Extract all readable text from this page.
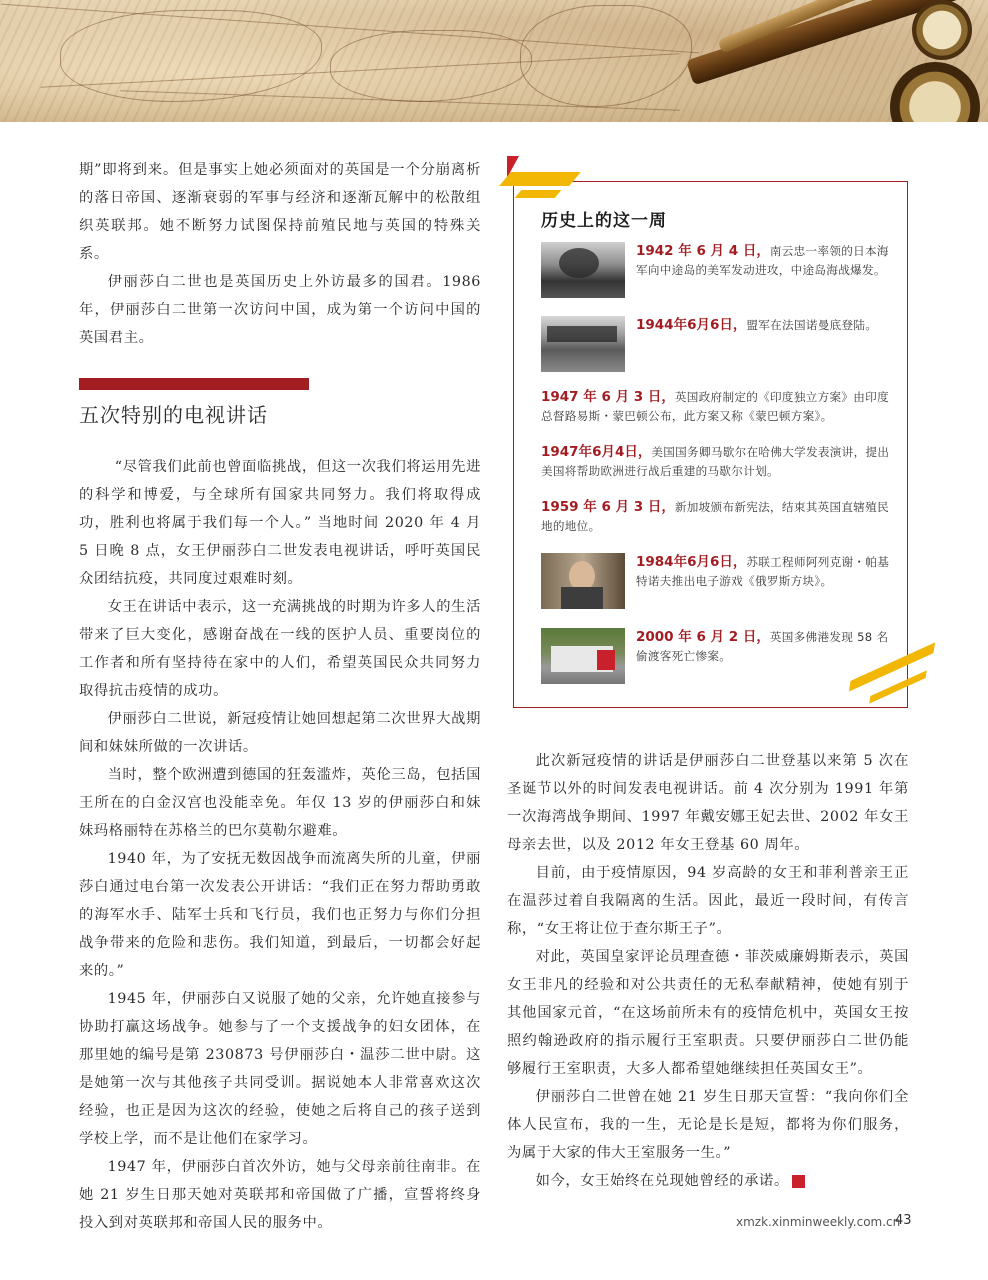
期”即将到来。但是事实上她必须面对的英国是一个分崩离析的落日帝国、逐渐衰弱的军事与经济和逐渐瓦解中的松散组织英联邦。她不断努力试图保持前殖民地与英国的特殊关系。

伊丽莎白二世也是英国历史上外访最多的国君。1986 年，伊丽莎白二世第一次访问中国，成为第一个访问中国的英国君主。

五次特别的电视讲话

“尽管我们此前也曾面临挑战，但这一次我们将运用先进的科学和博爱，与全球所有国家共同努力。我们将取得成功，胜利也将属于我们每一个人。” 当地时间 2020 年 4 月 5 日晚 8 点，女王伊丽莎白二世发表电视讲话，呼吁英国民众团结抗疫，共同度过艰难时刻。

女王在讲话中表示，这一充满挑战的时期为许多人的生活带来了巨大变化，感谢奋战在一线的医护人员、重要岗位的工作者和所有坚持待在家中的人们，希望英国民众共同努力取得抗击疫情的成功。

伊丽莎白二世说，新冠疫情让她回想起第二次世界大战期间和妹妹所做的一次讲话。

当时，整个欧洲遭到德国的狂轰滥炸，英伦三岛，包括国王所在的白金汉宫也没能幸免。年仅 13 岁的伊丽莎白和妹妹玛格丽特在苏格兰的巴尔莫勒尔避难。

1940 年，为了安抚无数因战争而流离失所的儿童，伊丽莎白通过电台第一次发表公开讲话：“我们正在努力帮助勇敢的海军水手、陆军士兵和飞行员，我们也正努力与你们分担战争带来的危险和悲伤。我们知道，到最后，一切都会好起来的。”

1945 年，伊丽莎白又说服了她的父亲，允许她直接参与协助打赢这场战争。她参与了一个支援战争的妇女团体，在那里她的编号是第 230873 号伊丽莎白・温莎二世中尉。这是她第一次与其他孩子共同受训。据说她本人非常喜欢这次经验，也正是因为这次的经验，使她之后将自己的孩子送到学校上学，而不是让他们在家学习。

1947 年，伊丽莎白首次外访，她与父母亲前往南非。在她 21 岁生日那天她对英联邦和帝国做了广播，宣誓将终身投入到对英联邦和帝国人民的服务中。

历史上的这一周
1942 年 6 月 4 日，南云忠一率领的日本海军向中途岛的美军发动进攻，中途岛海战爆发。
1944年6月6日，盟军在法国诺曼底登陆。
1947 年 6 月 3 日，英国政府制定的《印度独立方案》由印度总督路易斯・蒙巴顿公布，此方案又称《蒙巴顿方案》。
1947年6月4日，美国国务卿马歇尔在哈佛大学发表演讲，提出美国将帮助欧洲进行战后重建的马歇尔计划。
1959 年 6 月 3 日，新加坡颁布新宪法，结束其英国直辖殖民地的地位。
1984年6月6日，苏联工程师阿列克谢・帕基特诺夫推出电子游戏《俄罗斯方块》。
2000 年 6 月 2 日，英国多佛港发现 58 名偷渡客死亡惨案。

此次新冠疫情的讲话是伊丽莎白二世登基以来第 5 次在圣诞节以外的时间发表电视讲话。前 4 次分别为 1991 年第一次海湾战争期间、1997 年戴安娜王妃去世、2002 年女王母亲去世，以及 2012 年女王登基 60 周年。

目前，由于疫情原因，94 岁高龄的女王和菲利普亲王正在温莎过着自我隔离的生活。因此，最近一段时间，有传言称，“女王将让位于查尔斯王子”。

对此，英国皇家评论员理查德・菲茨威廉姆斯表示，英国女王非凡的经验和对公共责任的无私奉献精神，使她有别于其他国家元首，“在这场前所未有的疫情危机中，英国女王按照约翰逊政府的指示履行王室职责。只要伊丽莎白二世仍能够履行王室职责，大多人都希望她继续担任英国女王”。

伊丽莎白二世曾在她 21 岁生日那天宣誓：“我向你们全体人民宣布，我的一生，无论是长是短，都将为你们服务，为属于大家的伟大王室服务一生。”

如今，女王始终在兑现她曾经的承诺。	民

xmzk.xinminweekly.com.cn
43
